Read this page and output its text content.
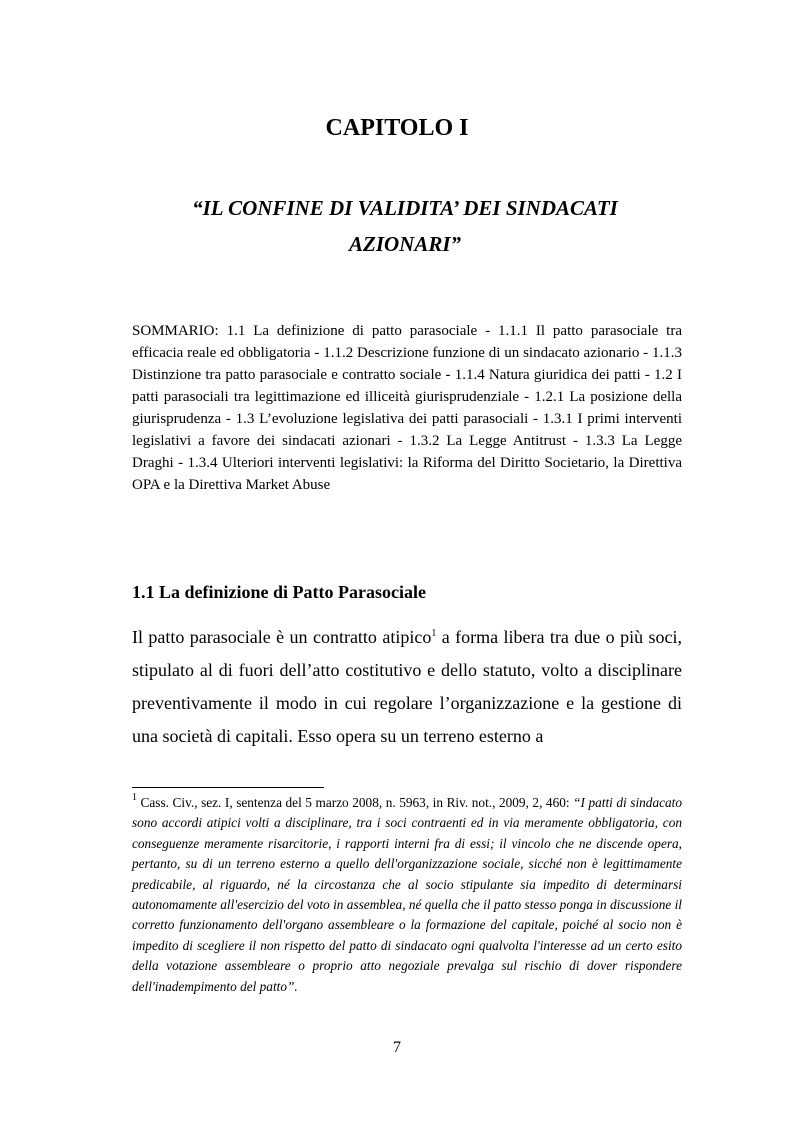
CAPITOLO I
“IL CONFINE DI VALIDITA’ DEI SINDACATI AZIONARI”

SOMMARIO: 1.1 La definizione di patto parasociale - 1.1.1 Il patto parasociale tra efficacia reale ed obbligatoria - 1.1.2 Descrizione funzione di un sindacato azionario - 1.1.3 Distinzione tra patto parasociale e contratto sociale - 1.1.4 Natura giuridica dei patti - 1.2 I patti parasociali tra legittimazione ed illiceità giurisprudenziale - 1.2.1 La posizione della giurisprudenza - 1.3 L’evoluzione legislativa dei patti parasociali - 1.3.1 I primi interventi legislativi a favore dei sindacati azionari - 1.3.2 La Legge Antitrust - 1.3.3 La Legge Draghi - 1.3.4 Ulteriori interventi legislativi: la Riforma del Diritto Societario, la Direttiva OPA e la Direttiva Market Abuse

1.1 La definizione di Patto Parasociale

Il patto parasociale è un contratto atipico$^1$ a forma libera tra due o più soci, stipulato al di fuori dell’atto costitutivo e dello statuto, volto a disciplinare preventivamente il modo in cui regolare l’organizzazione e la gestione di una società di capitali. Esso opera su un terreno esterno a

$^1$ Cass. Civ., sez. I, sentenza del 5 marzo 2008, n. 5963, in Riv. not., 2009, 2, 460: “I patti di sindacato sono accordi atipici volti a disciplinare, tra i soci contraenti ed in via meramente obbligatoria, con conseguenze meramente risarcitorie, i rapporti interni fra di essi; il vincolo che ne discende opera, pertanto, su di un terreno esterno a quello dell'organizzazione sociale, sicché non è legittimamente predicabile, al riguardo, né la circostanza che al socio stipulante sia impedito di determinarsi autonomamente all'esercizio del voto in assemblea, né quella che il patto stesso ponga in discussione il corretto funzionamento dell'organo assembleare o la formazione del capitale, poiché al socio non è impedito di scegliere il non rispetto del patto di sindacato ogni qualvolta l'interesse ad un certo esito della votazione assembleare o proprio atto negoziale prevalga sul rischio di dover rispondere dell'inadempimento del patto”.

7
